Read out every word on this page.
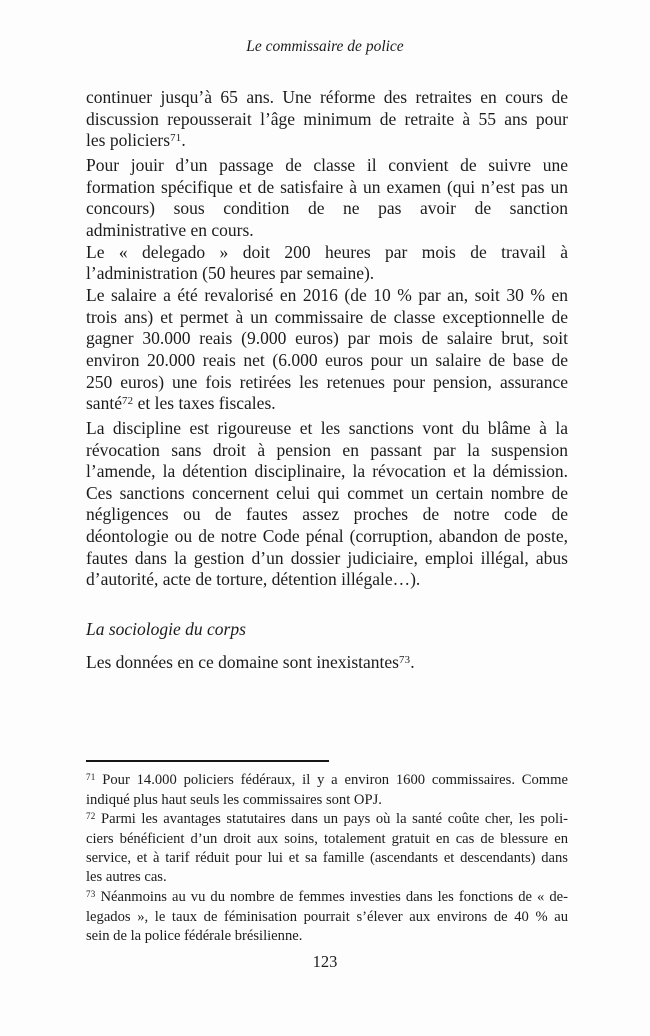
Le commissaire de police
continuer jusqu’à 65 ans. Une réforme des retraites en cours de
discussion repousserait l’âge minimum de retraite à 55 ans pour
les policiers$^{71}$.
Pour jouir d’un passage de classe il convient de suivre une
formation spécifique et de satisfaire à un examen (qui n’est pas un
concours) sous condition de ne pas avoir de sanction
administrative en cours.
Le « delegado » doit 200 heures par mois de travail à
l’administration (50 heures par semaine).
Le salaire a été revalorisé en 2016 (de 10 % par an, soit 30 % en
trois ans) et permet à un commissaire de classe exceptionnelle de
gagner 30.000 reais (9.000 euros) par mois de salaire brut, soit
environ 20.000 reais net (6.000 euros pour un salaire de base de
250 euros) une fois retirées les retenues pour pension, assurance
santé$^{72}$ et les taxes fiscales.
La discipline est rigoureuse et les sanctions vont du blâme à la
révocation sans droit à pension en passant par la suspension
l’amende, la détention disciplinaire, la révocation et la démission.
Ces sanctions concernent celui qui commet un certain nombre de
négligences ou de fautes assez proches de notre code de
déontologie ou de notre Code pénal (corruption, abandon de poste,
fautes dans la gestion d’un dossier judiciaire, emploi illégal, abus
d’autorité, acte de torture, détention illégale…).
La sociologie du corps
Les données en ce domaine sont inexistantes$^{73}$.
$^{71}$ Pour 14.000 policiers fédéraux, il y a environ 1600 commissaires. Comme
indiqué plus haut seuls les commissaires sont OPJ.
$^{72}$ Parmi les avantages statutaires dans un pays où la santé coûte cher, les poli-
ciers bénéficient d’un droit aux soins, totalement gratuit en cas de blessure en
service, et à tarif réduit pour lui et sa famille (ascendants et descendants) dans
les autres cas.
$^{73}$ Néanmoins au vu du nombre de femmes investies dans les fonctions de « de-
legados », le taux de féminisation pourrait s’élever aux environs de 40 % au
sein de la police fédérale brésilienne.
123
